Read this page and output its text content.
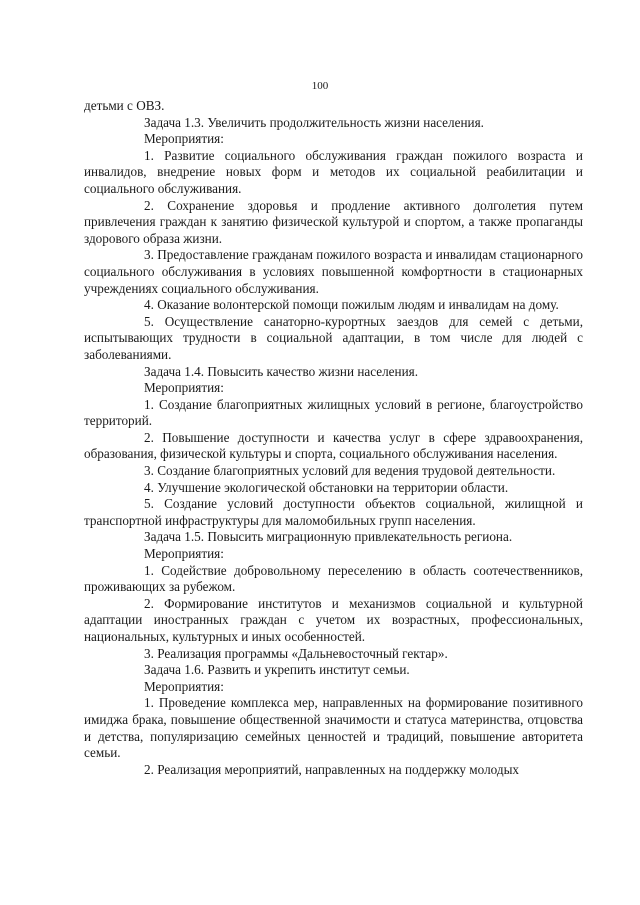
100

детьми с ОВЗ.

Задача 1.3. Увеличить продолжительность жизни населения.

Мероприятия:

1. Развитие социального обслуживания граждан пожилого возраста и инвалидов, внедрение новых форм и методов их социальной реабилитации и социального обслуживания.

2. Сохранение здоровья и продление активного долголетия путем привлечения граждан к занятию физической культурой и спортом, а также пропаганды здорового образа жизни.

3. Предоставление гражданам пожилого возраста и инвалидам стационарного социального обслуживания в условиях повышенной комфортности в стационарных учреждениях социального обслуживания.

4. Оказание волонтерской помощи пожилым людям и инвалидам на дому.

5. Осуществление санаторно-курортных заездов для семей с детьми, испытывающих трудности в социальной адаптации, в том числе для людей с заболеваниями.

Задача 1.4. Повысить качество жизни населения.

Мероприятия:

1. Создание благоприятных жилищных условий в регионе, благоустройство территорий.

2. Повышение доступности и качества услуг в сфере здравоохранения, образования, физической культуры и спорта, социального обслуживания населения.

3. Создание благоприятных условий для ведения трудовой деятельности.

4. Улучшение экологической обстановки на территории области.

5. Создание условий доступности объектов социальной, жилищной и транспортной инфраструктуры для маломобильных групп населения.

Задача 1.5. Повысить миграционную привлекательность региона.

Мероприятия:

1. Содействие добровольному переселению в область соотечественников, проживающих за рубежом.

2. Формирование институтов и механизмов социальной и культурной адаптации иностранных граждан с учетом их возрастных, профессиональных, национальных, культурных и иных особенностей.

3. Реализация программы «Дальневосточный гектар».

Задача 1.6. Развить и укрепить институт семьи.

Мероприятия:

1. Проведение комплекса мер, направленных на формирование позитивного имиджа брака, повышение общественной значимости и статуса материнства, отцовства и детства, популяризацию семейных ценностей и традиций, повышение авторитета семьи.

2. Реализация мероприятий, направленных на поддержку молодых
